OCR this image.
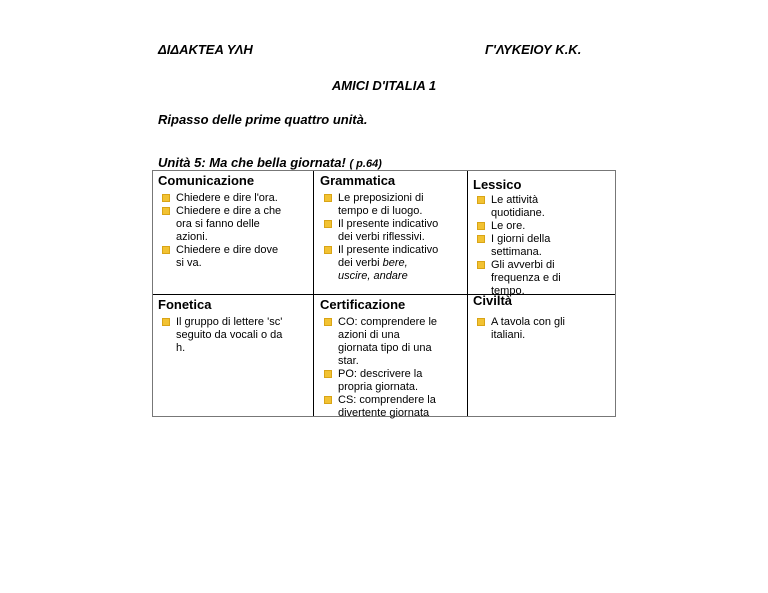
ΔΙΔΑΚΤΕΑ ΥΛΗ	Γ'ΛΥΚΕΙΟΥ Κ.Κ.
AMICI D'ITALIA 1
Ripasso delle prime quattro unità.
Unità 5: Ma che bella giornata! ( p.64)

Comunicazione

Chiedere e dire l'ora.
Chiedere e dire a che
ora si fanno delle
azioni.
Chiedere e dire dove
si va.

Grammatica

Le preposizioni di
tempo e di luogo.
Il presente indicativo
dei verbi riflessivi.
Il presente indicativo
dei verbi bere,
uscire, andare

Lessico

Le attività
quotidiane.
Le ore.
I giorni della
settimana.
Gli avverbi di
frequenza e di
tempo.

Fonetica

Il gruppo di lettere 'sc'
seguito da vocali o da
h.

Certificazione

CO: comprendere le
azioni di una
giornata tipo di una
star.
PO: descrivere la
propria giornata.
CS: comprendere la
divertente giornata

Civiltà

A tavola con gli
italiani.
